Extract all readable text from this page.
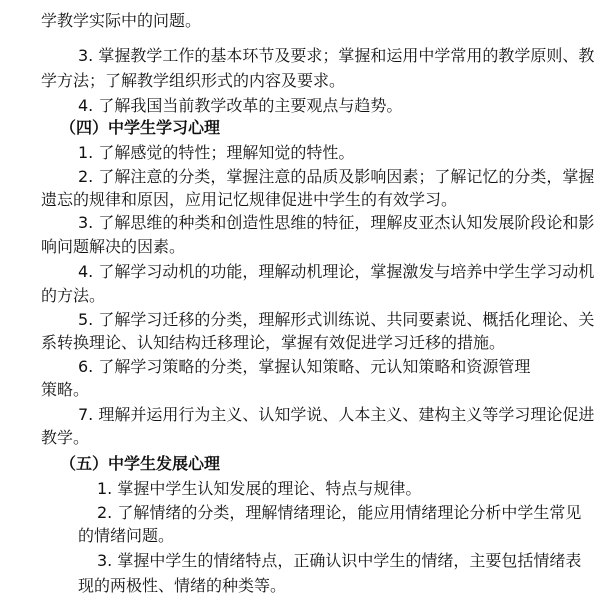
学教学实际中的问题。
3. 掌握教学工作的基本环节及要求；掌握和运用中学常用的教学原则、教
学方法；了解教学组织形式的内容及要求。
4. 了解我国当前教学改革的主要观点与趋势。
（四）中学生学习心理
1. 了解感觉的特性；理解知觉的特性。
2. 了解注意的分类，掌握注意的品质及影响因素；了解记忆的分类，掌握
遗忘的规律和原因，应用记忆规律促进中学生的有效学习。
3. 了解思维的种类和创造性思维的特征，理解皮亚杰认知发展阶段论和影
响问题解决的因素。
4. 了解学习动机的功能，理解动机理论，掌握激发与培养中学生学习动机
的方法。
5. 了解学习迁移的分类，理解形式训练说、共同要素说、概括化理论、关
系转换理论、认知结构迁移理论，掌握有效促进学习迁移的措施。
6. 了解学习策略的分类，掌握认知策略、元认知策略和资源管理
策略。
7. 理解并运用行为主义、认知学说、人本主义、建构主义等学习理论促进
教学。
（五）中学生发展心理
1. 掌握中学生认知发展的理论、特点与规律。
2. 了解情绪的分类，理解情绪理论，能应用情绪理论分析中学生常见
的情绪问题。
3. 掌握中学生的情绪特点，正确认识中学生的情绪，主要包括情绪表
现的两极性、情绪的种类等。
